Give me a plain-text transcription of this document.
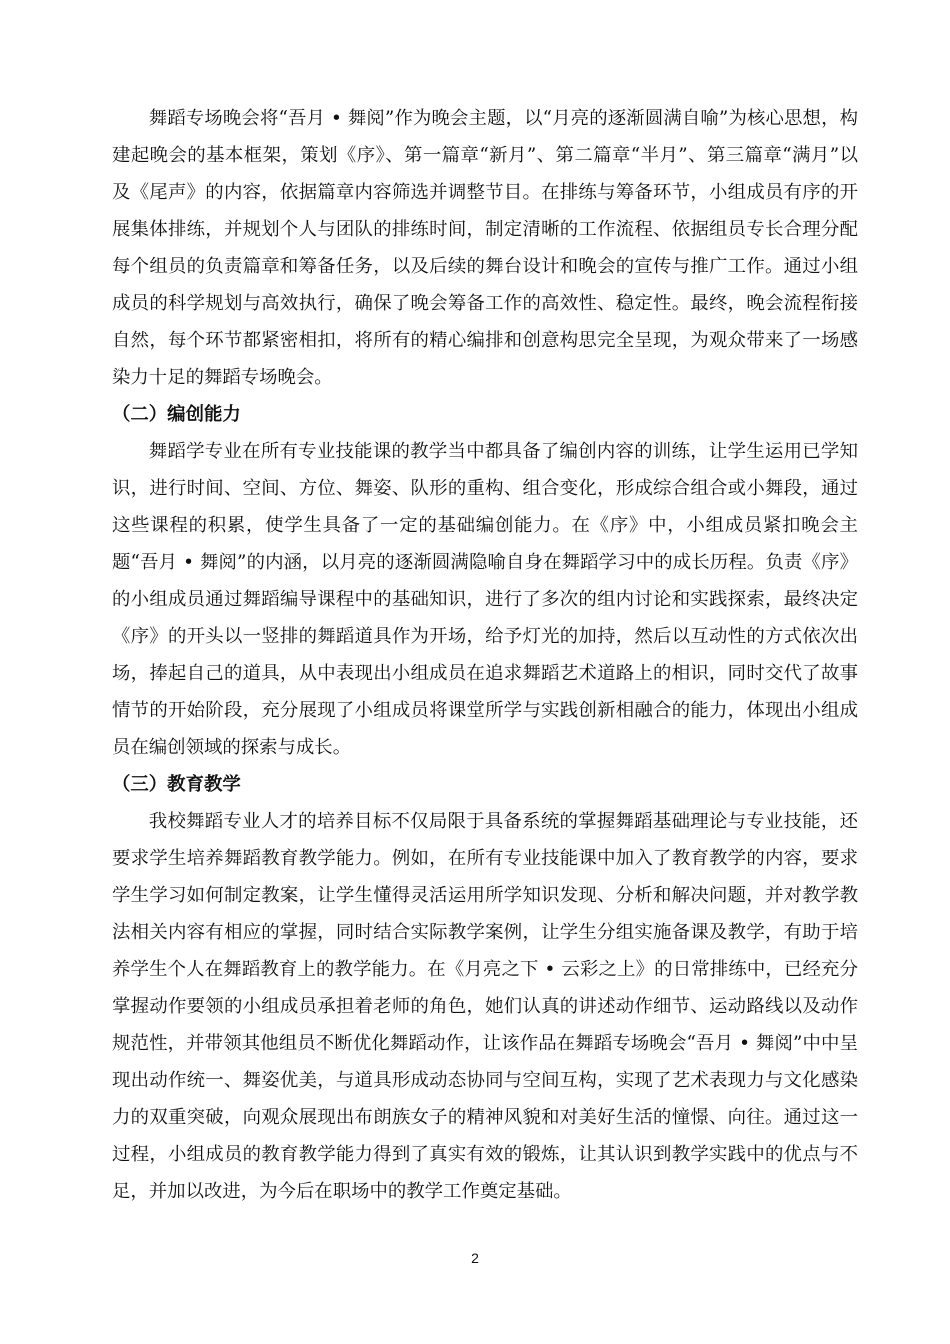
舞蹈专场晚会将“吾月 • 舞阅”作为晚会主题，以“月亮的逐渐圆满自喻”为核心思想，构建起晚会的基本框架，策划《序》、第一篇章“新月”、第二篇章“半月”、第三篇章“满月”以及《尾声》的内容，依据篇章内容筛选并调整节目。在排练与筹备环节，小组成员有序的开展集体排练，并规划个人与团队的排练时间，制定清晰的工作流程、依据组员专长合理分配每个组员的负责篇章和筹备任务，以及后续的舞台设计和晚会的宣传与推广工作。通过小组成员的科学规划与高效执行，确保了晚会筹备工作的高效性、稳定性。最终，晚会流程衔接自然，每个环节都紧密相扣，将所有的精心编排和创意构思完全呈现，为观众带来了一场感染力十足的舞蹈专场晚会。

（二）编创能力

舞蹈学专业在所有专业技能课的教学当中都具备了编创内容的训练，让学生运用已学知识，进行时间、空间、方位、舞姿、队形的重构、组合变化，形成综合组合或小舞段，通过这些课程的积累，使学生具备了一定的基础编创能力。在《序》中，小组成员紧扣晚会主题“吾月 • 舞阅”的内涵，以月亮的逐渐圆满隐喻自身在舞蹈学习中的成长历程。负责《序》的小组成员通过舞蹈编导课程中的基础知识，进行了多次的组内讨论和实践探索，最终决定《序》的开头以一竖排的舞蹈道具作为开场，给予灯光的加持，然后以互动性的方式依次出场，捧起自己的道具，从中表现出小组成员在追求舞蹈艺术道路上的相识，同时交代了故事情节的开始阶段，充分展现了小组成员将课堂所学与实践创新相融合的能力，体现出小组成员在编创领域的探索与成长。

（三）教育教学

我校舞蹈专业人才的培养目标不仅局限于具备系统的掌握舞蹈基础理论与专业技能，还要求学生培养舞蹈教育教学能力。例如，在所有专业技能课中加入了教育教学的内容，要求学生学习如何制定教案，让学生懂得灵活运用所学知识发现、分析和解决问题，并对教学教法相关内容有相应的掌握，同时结合实际教学案例，让学生分组实施备课及教学，有助于培养学生个人在舞蹈教育上的教学能力。在《月亮之下 • 云彩之上》的日常排练中，已经充分掌握动作要领的小组成员承担着老师的角色，她们认真的讲述动作细节、运动路线以及动作规范性，并带领其他组员不断优化舞蹈动作，让该作品在舞蹈专场晚会“吾月 • 舞阅”中中呈现出动作统一、舞姿优美，与道具形成动态协同与空间互构，实现了艺术表现力与文化感染力的双重突破，向观众展现出布朗族女子的精神风貌和对美好生活的憧憬、向往。通过这一过程，小组成员的教育教学能力得到了真实有效的锻炼，让其认识到教学实践中的优点与不足，并加以改进，为今后在职场中的教学工作奠定基础。

2
